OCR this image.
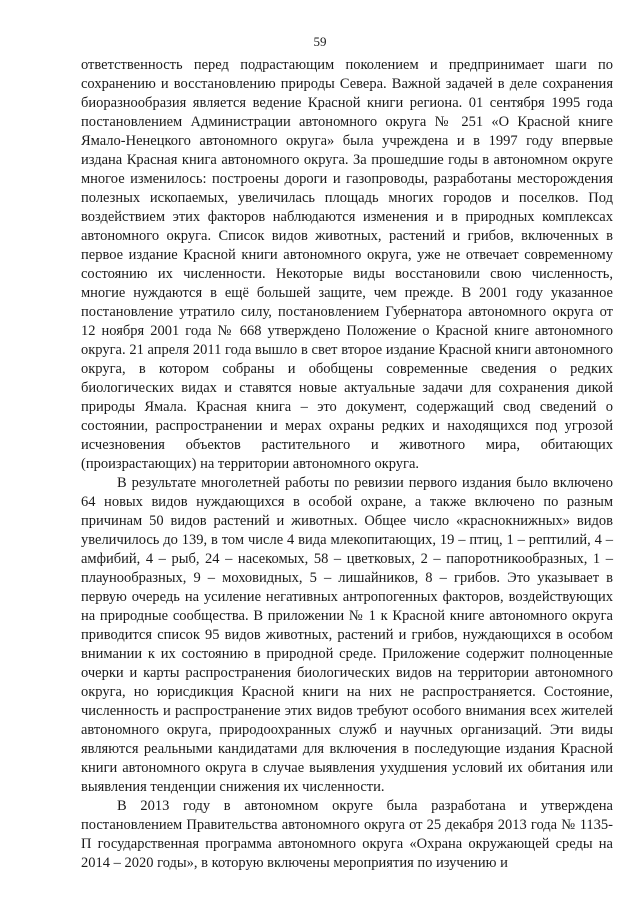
59

ответственность перед подрастающим поколением и предпринимает шаги по сохранению и восстановлению природы Севера. Важной задачей в деле сохранения биоразнообразия является ведение Красной книги региона. 01 сентября 1995 года постановлением Администрации автономного округа № 251 «О Красной книге Ямало-Ненецкого автономного округа» была учреждена и в 1997 году впервые издана Красная книга автономного округа. За прошедшие годы в автономном округе многое изменилось: построены дороги и газопроводы, разработаны месторождения полезных ископаемых, увеличилась площадь многих городов и поселков. Под воздействием этих факторов наблюдаются изменения и в природных комплексах автономного округа. Список видов животных, растений и грибов, включенных в первое издание Красной книги автономного округа, уже не отвечает современному состоянию их численности. Некоторые виды восстановили свою численность, многие нуждаются в ещё большей защите, чем прежде. В 2001 году указанное постановление утратило силу, постановлением Губернатора автономного округа от 12 ноября 2001 года № 668 утверждено Положение о Красной книге автономного округа. 21 апреля 2011 года вышло в свет второе издание Красной книги автономного округа, в котором собраны и обобщены современные сведения о редких биологических видах и ставятся новые актуальные задачи для сохранения дикой природы Ямала. Красная книга – это документ, содержащий свод сведений о состоянии, распространении и мерах охраны редких и находящихся под угрозой исчезновения объектов растительного и животного мира, обитающих (произрастающих) на территории автономного округа.

В результате многолетней работы по ревизии первого издания было включено 64 новых видов нуждающихся в особой охране, а также включено по разным причинам 50 видов растений и животных. Общее число «краснокнижных» видов увеличилось до 139, в том числе 4 вида млекопитающих, 19 – птиц, 1 – рептилий, 4 – амфибий, 4 – рыб, 24 – насекомых, 58 – цветковых, 2 – папоротникообразных, 1 – плаунообразных, 9 – моховидных, 5 – лишайников, 8 – грибов. Это указывает в первую очередь на усиление негативных антропогенных факторов, воздействующих на природные сообщества. В приложении № 1 к Красной книге автономного округа приводится список 95 видов животных, растений и грибов, нуждающихся в особом внимании к их состоянию в природной среде. Приложение содержит полноценные очерки и карты распространения биологических видов на территории автономного округа, но юрисдикция Красной книги на них не распространяется. Состояние, численность и распространение этих видов требуют особого внимания всех жителей автономного округа, природоохранных служб и научных организаций. Эти виды являются реальными кандидатами для включения в последующие издания Красной книги автономного округа в случае выявления ухудшения условий их обитания или выявления тенденции снижения их численности.

В 2013 году в автономном округе была разработана и утверждена постановлением Правительства автономного округа от 25 декабря 2013 года № 1135-П государственная программа автономного округа «Охрана окружающей среды на 2014 – 2020 годы», в которую включены мероприятия по изучению и
